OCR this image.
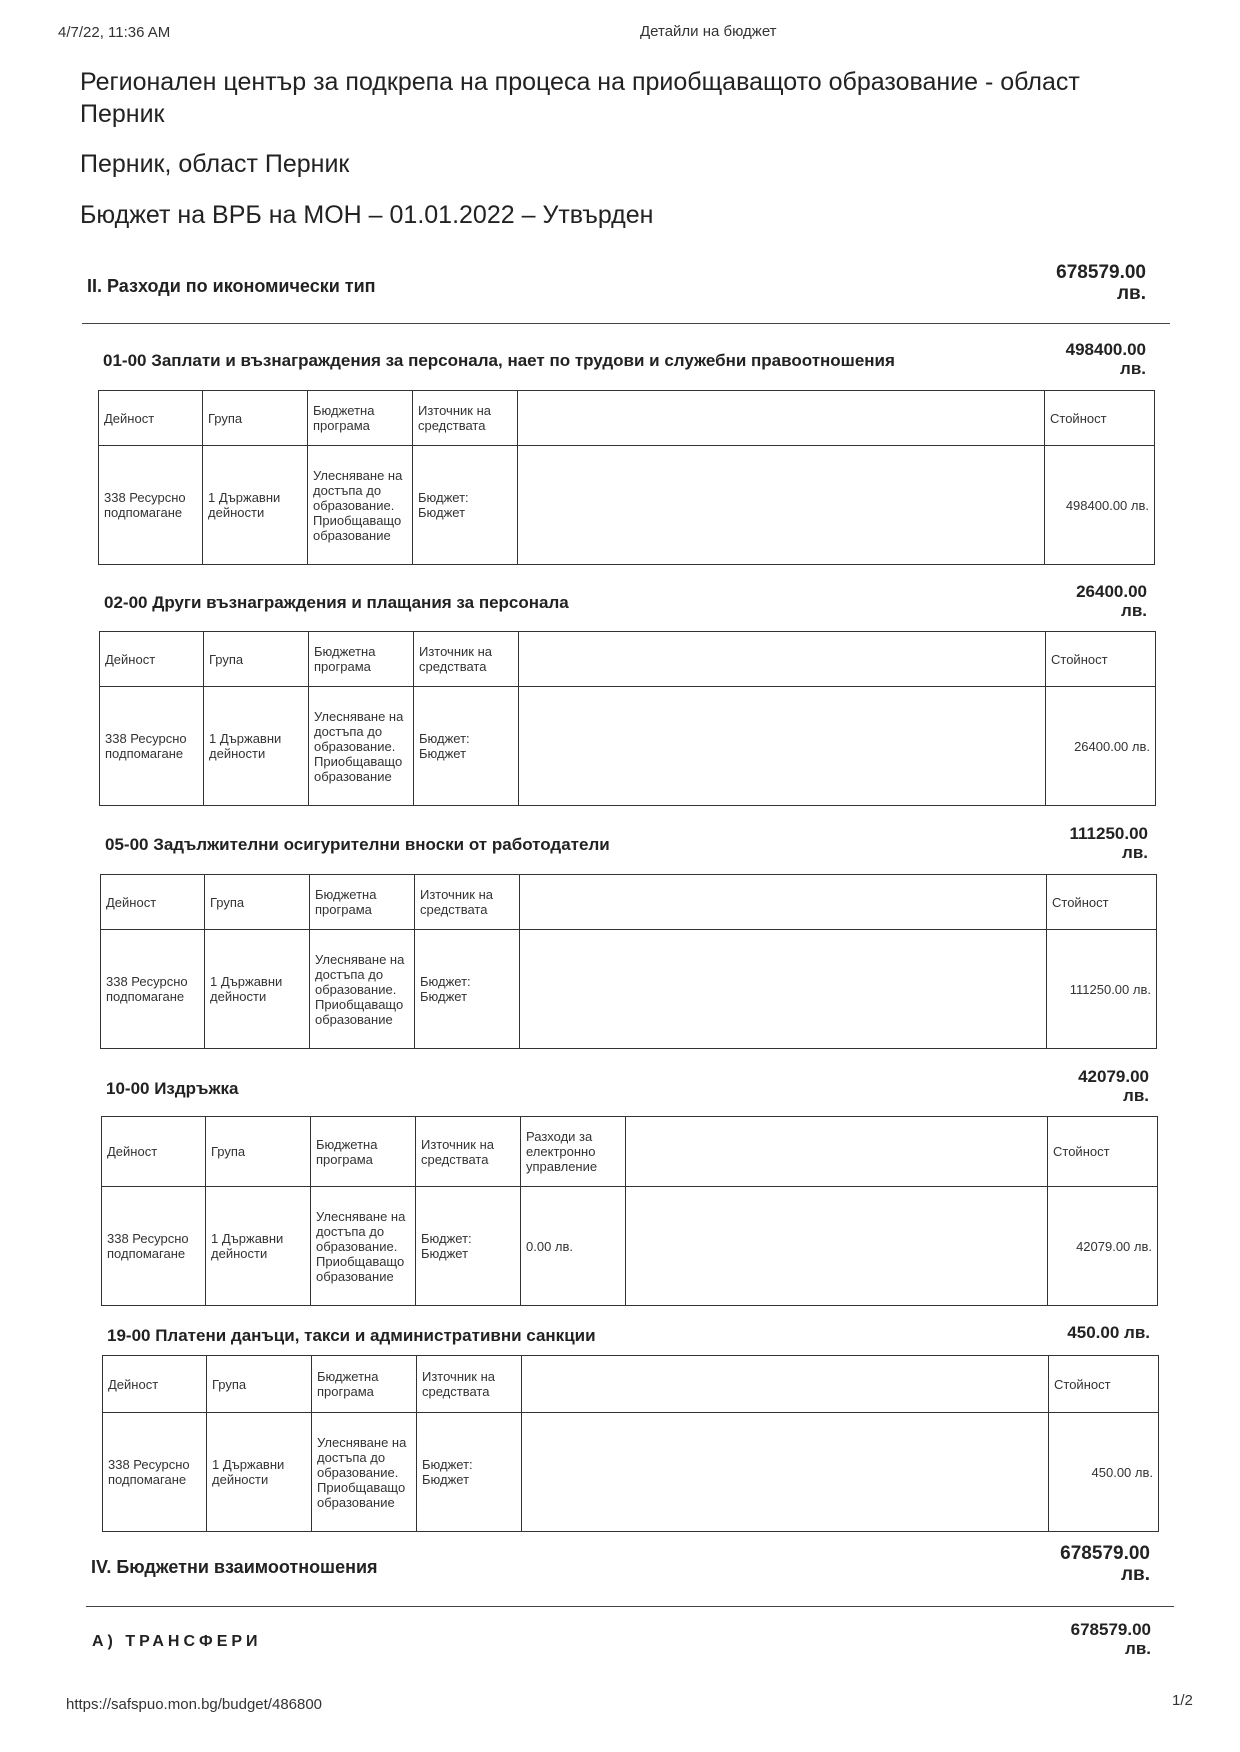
4/7/22, 11:36 AM	Детайли на бюджет
Регионален център за подкрепа на процеса на приобщаващото образование - област Перник
Перник, област Перник
Бюджет на ВРБ на МОН – 01.01.2022 – Утвърден
II. Разходи по икономически тип
678579.00
лв.
01-00 Заплати и възнаграждения за персонала, нает по трудови и служебни правоотношения
498400.00
лв.
Дейност	Група	Бюджетна програма	Източник на средствата		Стойност
338 Ресурсно подпомагане	1 Държавни дейности	Улесняване на достъпа до образование. Приобщаващо образование	Бюджет: Бюджет		498400.00 лв.
02-00 Други възнаграждения и плащания за персонала
26400.00
лв.
Дейност	Група	Бюджетна програма	Източник на средствата		Стойност
338 Ресурсно подпомагане	1 Държавни дейности	Улесняване на достъпа до образование. Приобщаващо образование	Бюджет: Бюджет		26400.00 лв.
05-00 Задължителни осигурителни вноски от работодатели
111250.00
лв.
Дейност	Група	Бюджетна програма	Източник на средствата		Стойност
338 Ресурсно подпомагане	1 Държавни дейности	Улесняване на достъпа до образование. Приобщаващо образование	Бюджет: Бюджет		111250.00 лв.
10-00 Издръжка
42079.00
лв.
Дейност	Група	Бюджетна програма	Източник на средствата	Разходи за електронно управление		Стойност
338 Ресурсно подпомагане	1 Държавни дейности	Улесняване на достъпа до образование. Приобщаващо образование	Бюджет: Бюджет	0.00 лв.		42079.00 лв.
19-00 Платени данъци, такси и административни санкции	450.00 лв.
Дейност	Група	Бюджетна програма	Източник на средствата		Стойност
338 Ресурсно подпомагане	1 Държавни дейности	Улесняване на достъпа до образование. Приобщаващо образование	Бюджет: Бюджет		450.00 лв.
IV. Бюджетни взаимоотношения
678579.00
лв.
А) ТРАНСФЕРИ
678579.00
лв.
https://safspuo.mon.bg/budget/486800	1/2
